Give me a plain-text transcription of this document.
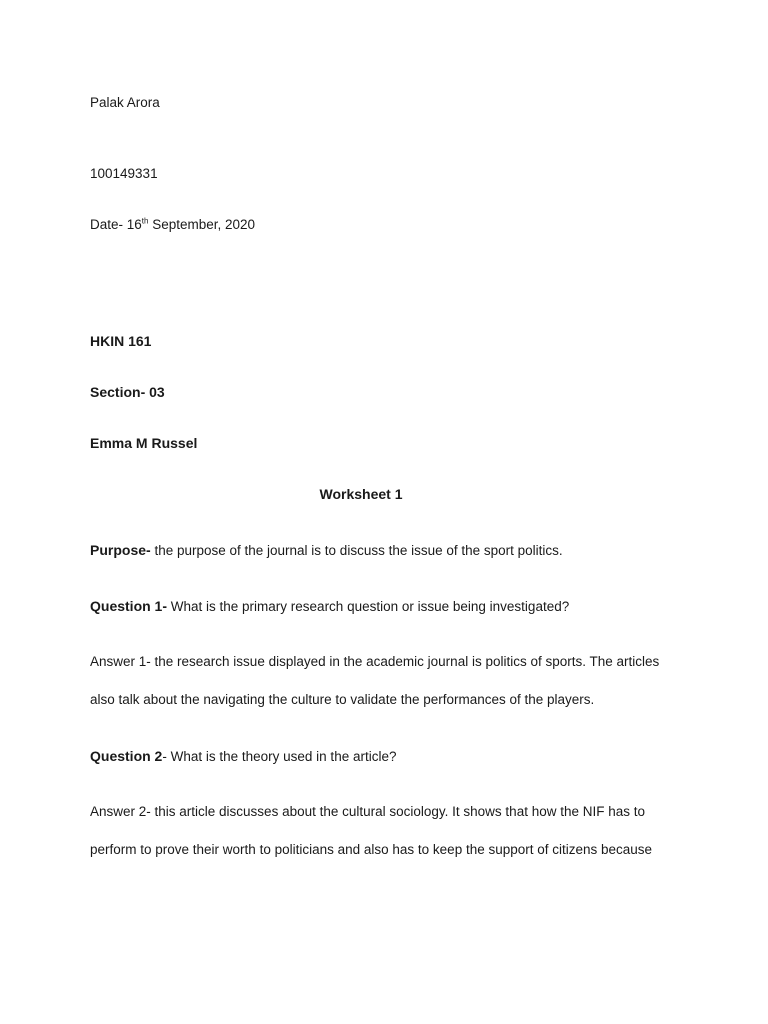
Palak Arora
100149331
Date- 16th September, 2020
HKIN 161
Section- 03
Emma M Russel
Worksheet 1
Purpose- the purpose of the journal is to discuss the issue of the sport politics.
Question 1- What is the primary research question or issue being investigated?
Answer 1- the research issue displayed in the academic journal is politics of sports. The articles
also talk about the navigating the culture to validate the performances of the players.
Question 2- What is the theory used in the article?
Answer 2- this article discusses about the cultural sociology. It shows that how the NIF has to
perform to prove their worth to politicians and also has to keep the support of citizens because
